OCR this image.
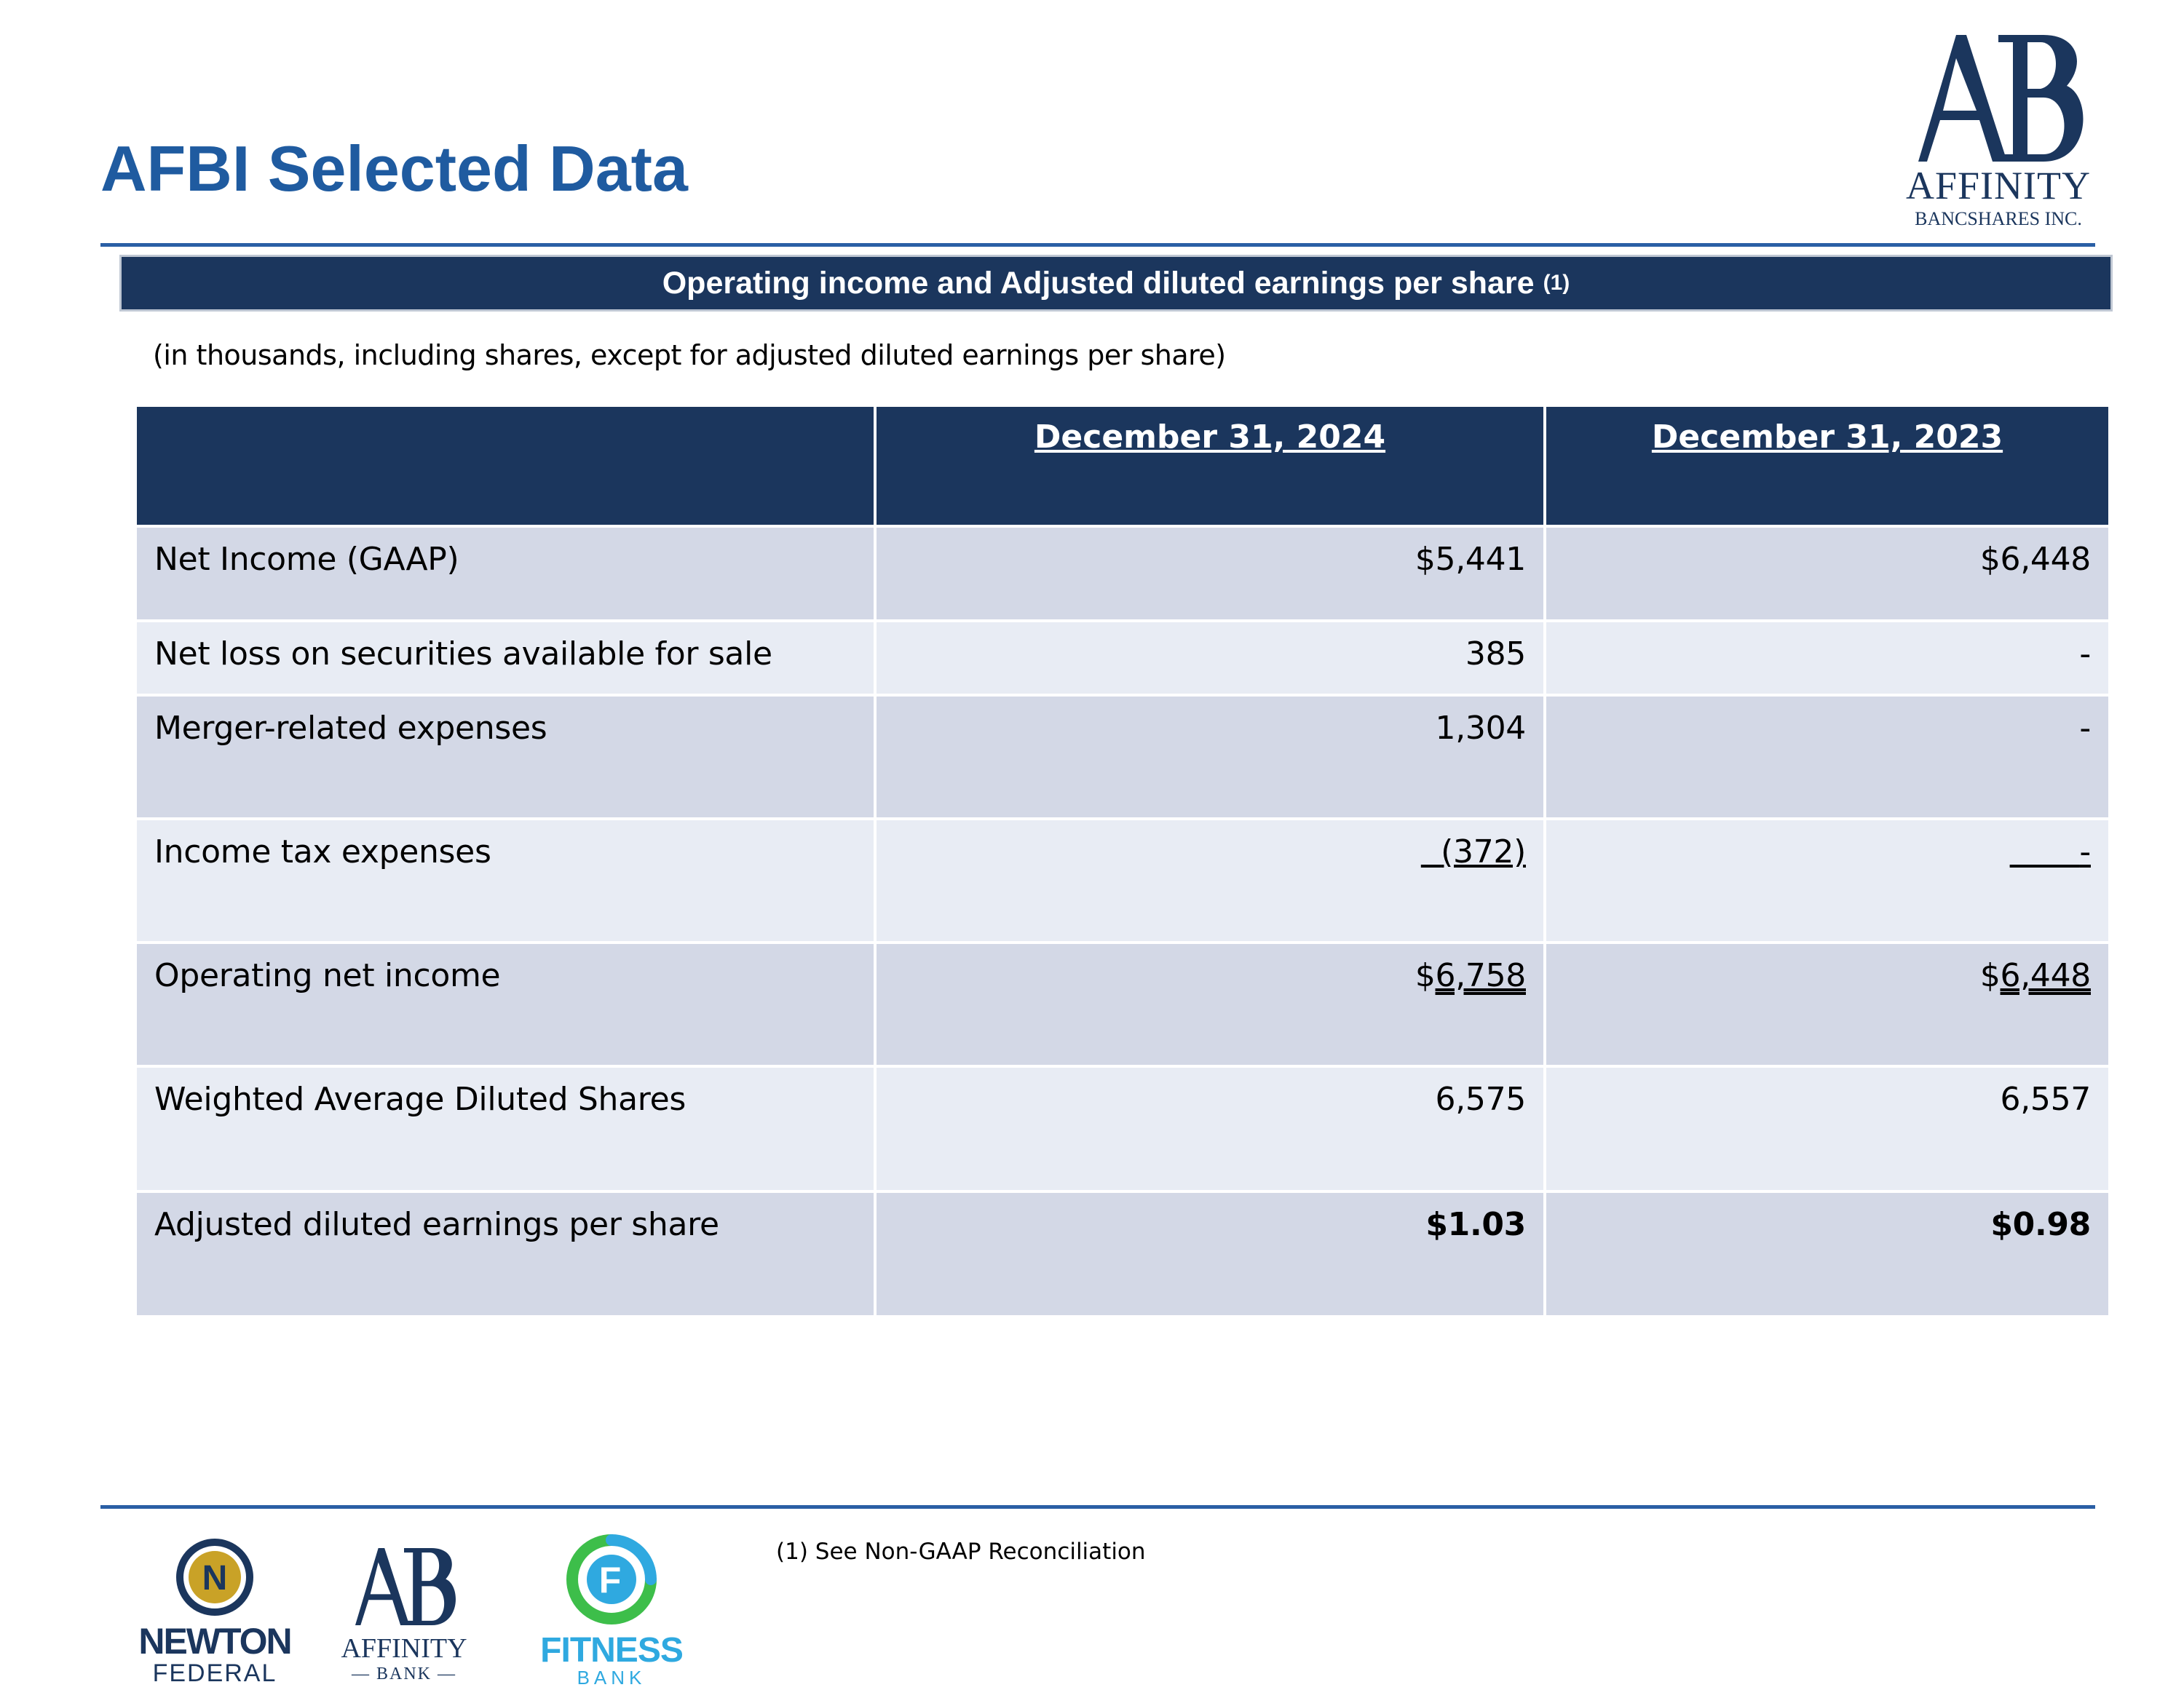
AFBI Selected Data	AFFINITY
BANCSHARES INC.
Operating income and Adjusted diluted earnings per share (1)
(in thousands, including shares, except for adjusted diluted earnings per share)
	December 31, 2024	December 31, 2023
Net Income (GAAP)	$5,441	$6,448
Net loss on securities available for sale	385	-
Merger-related expenses	1,304	-
Income tax expenses	(372)	-
Operating net income	$6,758	$6,448
Weighted Average Diluted Shares	6,575	6,557
Adjusted diluted earnings per share	$1.03	$0.98
N
NEWTON
FEDERAL
AFFINITY
— BANK —
F
FITNESS
BANK
(1) See Non-GAAP Reconciliation
